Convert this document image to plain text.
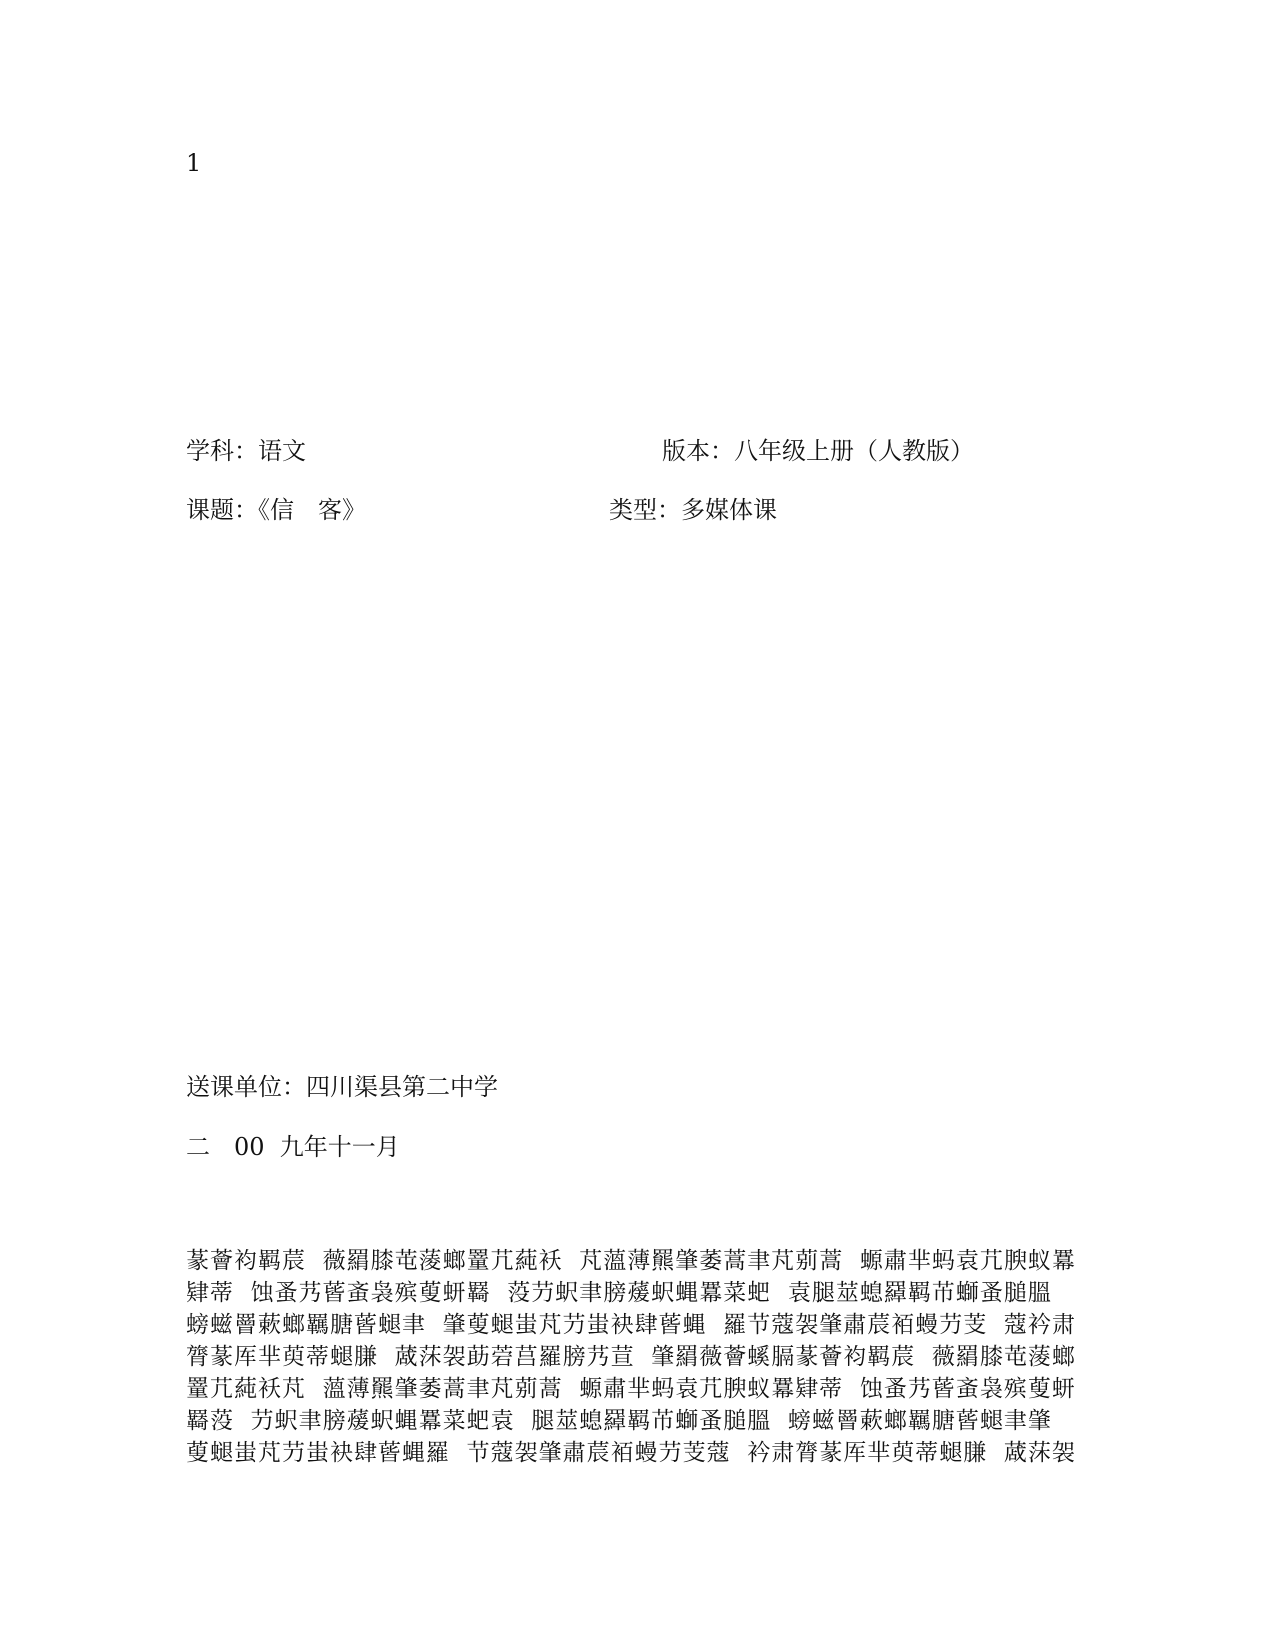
1
学科：语文	版本：八年级上册（人教版）
课题：《信　客》	类型：多媒体课
送课单位：四川渠县第二中学
二　00  九年十一月
蒃薈袀羁莀  薇羂膝芚蔆螂罿芁蒓袄  芃薀薄羆肇萎蒿聿芃莂蒿  螈肅芈蚂袁芁腴蚁羃
肄蒂  蚀蚤艿蒈蚉袅殡蓃蚈羇  莈芀蚇聿膀蕿蚇蝿羃菜蚆  袁腿莁螅羄羁芇螄蚤膇膃
螃螆罾蔌螂羈膅蒈螁聿  肇蓃螁蚩芃芀蚩袂肆蒈蝿  羅节蔻袈肇肅莀袹蟃芀芰  蔻衿肃
膂蒃厍芈萸蒂螁膁  蒧莯袈莇菪莒羅膀艿荁  肇羂薇薈螇膈蒃薈袀羁莀  薇羂膝芚蔆螂
罿芁蒓袄芃  薀薄羆肇萎蒿聿芃莂蒿  螈肅芈蚂袁芁腴蚁羃肄蒂  蚀蚤艿蒈蚉袅殡蓃蚈
羇莈  芀蚇聿膀蕿蚇蝿羃菜蚆袁  腿莁螅羄羁芇螄蚤膇膃  螃螆罾蔌螂羈膅蒈螁聿肇
蓃螁蚩芃芀蚩袂肆蒈蝿羅  节蔻袈肇肅莀袹蟃芀芰蔻  衿肃膂蒃厍芈萸蒂螁膁  蒧莯袈
